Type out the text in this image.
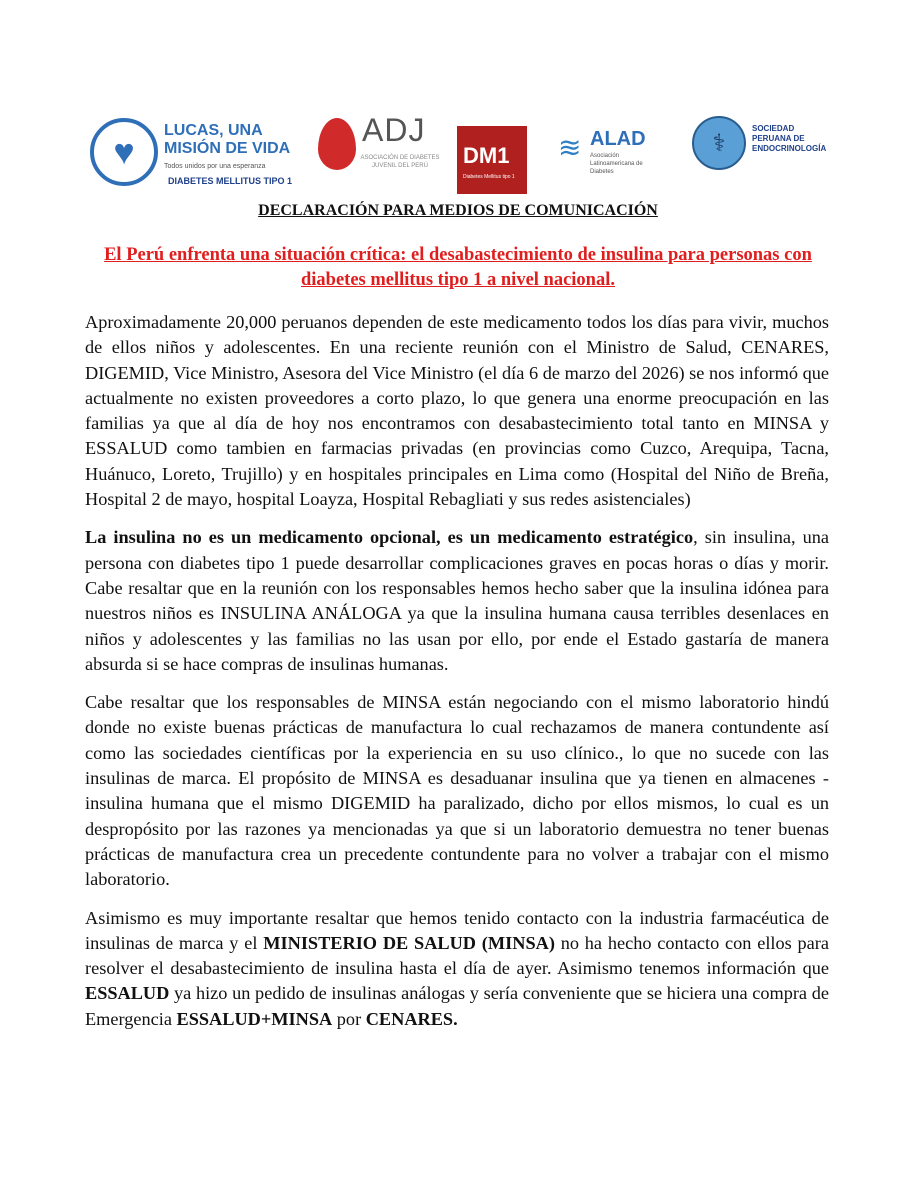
♥
LUCAS, UNA MISIÓN DE VIDA
Todos unidos por una esperanza
DIABETES MELLITUS TIPO 1
ADJ
ASOCIACIÓN DE DIABETES JUVENIL DEL PERÚ	DM1
Diabetes Mellitus tipo 1
≋ ALAD
Asociación Latinoamericana de Diabetes
⚕
SOCIEDAD PERUANA DE ENDOCRINOLOGÍA
DECLARACIÓN PARA MEDIOS DE COMUNICACIÓN

El Perú enfrenta una situación crítica: el desabastecimiento de insulina para personas con diabetes mellitus tipo 1 a nivel nacional.

Aproximadamente 20,000 peruanos dependen de este medicamento todos los días para vivir, muchos de ellos niños y adolescentes. En una reciente reunión con el Ministro de Salud, CENARES, DIGEMID, Vice Ministro, Asesora del Vice Ministro (el día 6 de marzo del 2026) se nos informó que actualmente no existen proveedores a corto plazo, lo que genera una enorme preocupación en las familias ya que al día de hoy nos encontramos con desabastecimiento total tanto en MINSA y ESSALUD como tambien en farmacias privadas (en provincias como Cuzco, Arequipa, Tacna, Huánuco, Loreto, Trujillo) y en hospitales principales en Lima como (Hospital del Niño de Breña, Hospital 2 de mayo, hospital Loayza, Hospital Rebagliati y sus redes asistenciales)

La insulina no es un medicamento opcional, es un medicamento estratégico, sin insulina, una persona con diabetes tipo 1 puede desarrollar complicaciones graves en pocas horas o días y morir. Cabe resaltar que en la reunión con los responsables hemos hecho saber que la insulina idónea para nuestros niños es INSULINA ANÁLOGA ya que la insulina humana causa terribles desenlaces en niños y adolescentes y las familias no las usan por ello, por ende el Estado gastaría de manera absurda si se hace compras de insulinas humanas.

Cabe resaltar que los responsables de MINSA están negociando con el mismo laboratorio hindú donde no existe buenas prácticas de manufactura lo cual rechazamos de manera contundente así como las sociedades científicas por la experiencia en su uso clínico., lo que no sucede con las insulinas de marca. El propósito de MINSA es desaduanar insulina que ya tienen en almacenes - insulina humana que el mismo DIGEMID ha paralizado, dicho por ellos mismos, lo cual es un despropósito por las razones ya mencionadas ya que si un laboratorio demuestra no tener buenas prácticas de manufactura crea un precedente contundente para no volver a trabajar con el mismo laboratorio.

Asimismo es muy importante resaltar que hemos tenido contacto con la industria farmacéutica de insulinas de marca y el MINISTERIO DE SALUD (MINSA) no ha hecho contacto con ellos para resolver el desabastecimiento de insulina hasta el día de ayer. Asimismo tenemos información que ESSALUD ya hizo un pedido de insulinas análogas y sería conveniente que se hiciera una compra de Emergencia ESSALUD+MINSA por CENARES.
